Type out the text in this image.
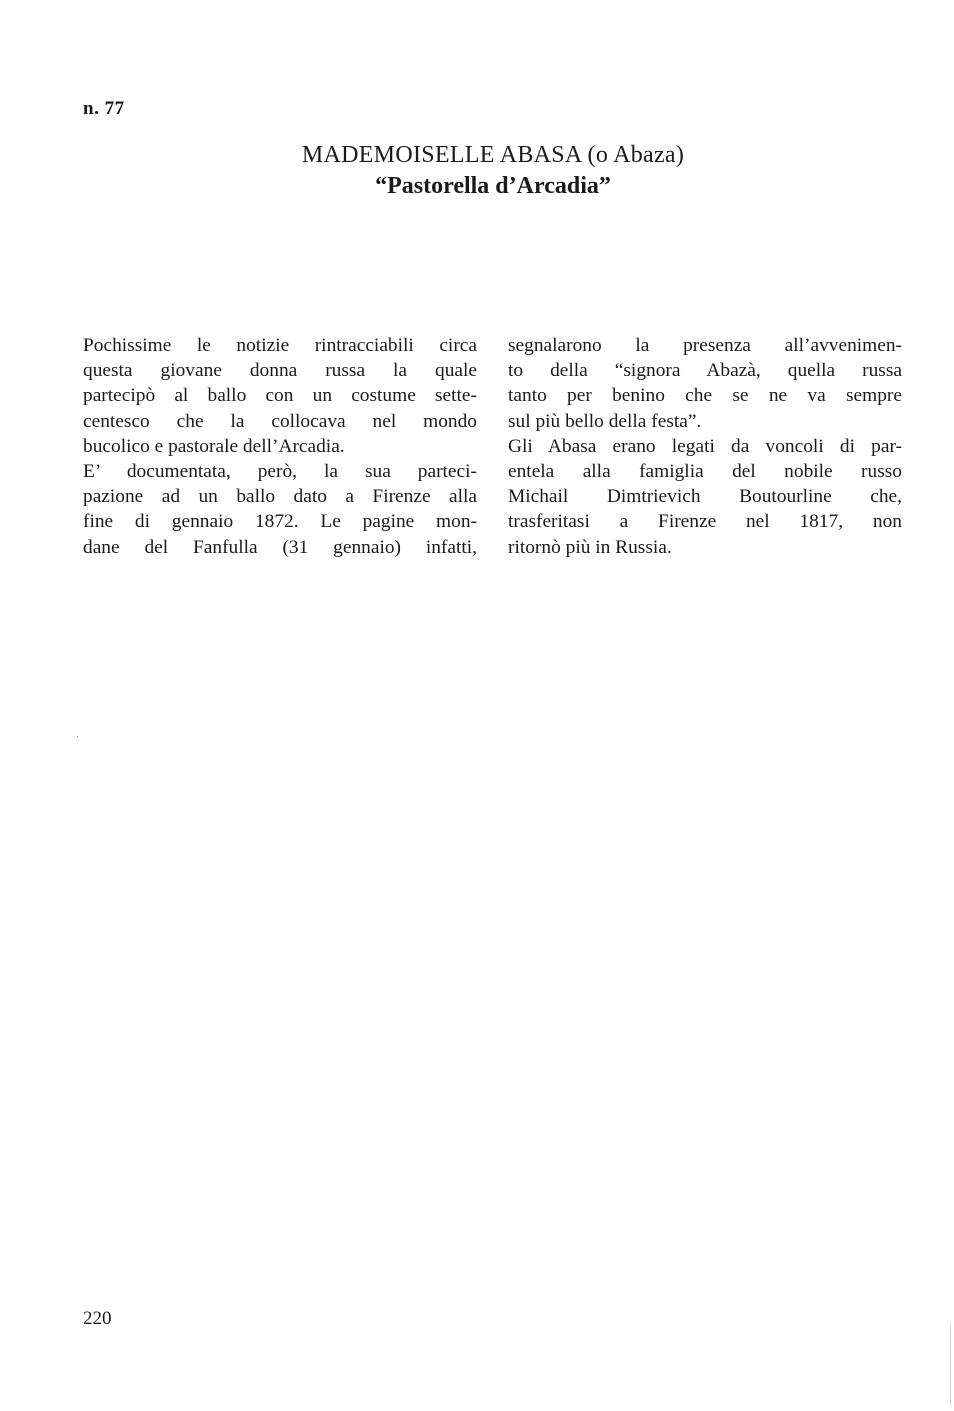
n. 77
MADEMOISELLE ABASA (o Abaza)
“Pastorella d’Arcadia”
Pochissime le notizie rintracciabili circa
questa giovane donna russa la quale
partecipò al ballo con un costume sette-
centesco che la collocava nel mondo
bucolico e pastorale dell’Arcadia.
E’ documentata, però, la sua parteci-
pazione ad un ballo dato a Firenze alla
fine di gennaio 1872. Le pagine mon-
dane del Fanfulla (31 gennaio) infatti,
segnalarono la presenza all’avvenimen-
to della “signora Abazà, quella russa
tanto per benino che se ne va sempre
sul più bello della festa”.
Gli Abasa erano legati da voncoli di par-
entela alla famiglia del nobile russo
Michail Dimtrievich Boutourline che,
trasferitasi a Firenze nel 1817, non
ritornò più in Russia.
220
